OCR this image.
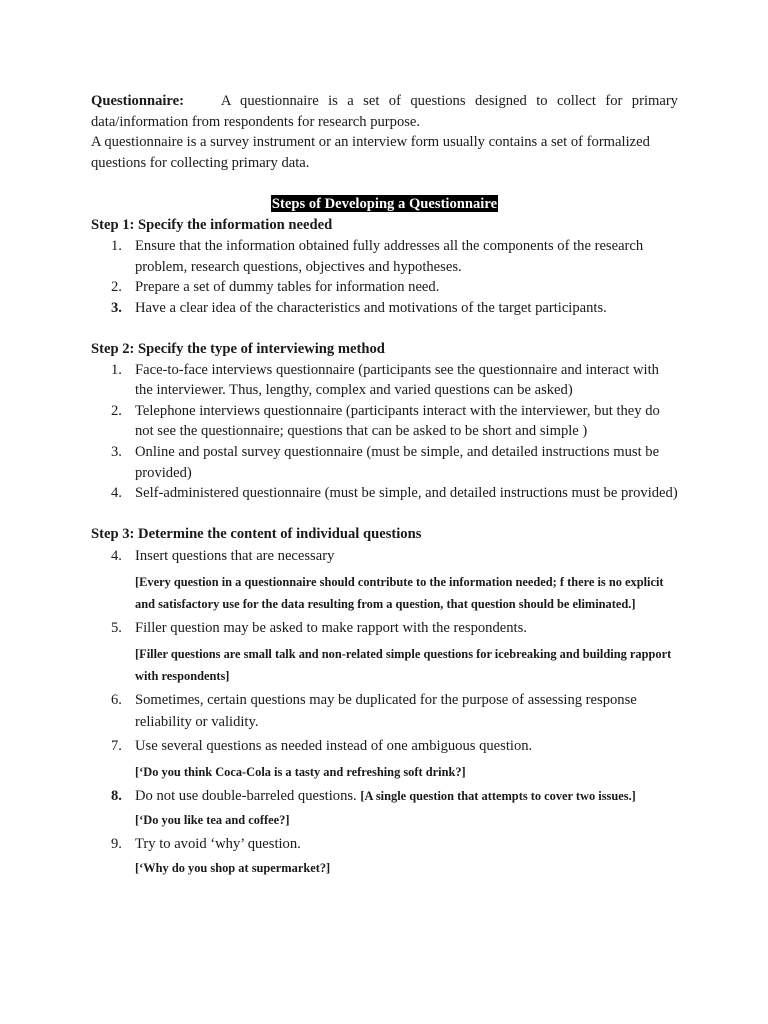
Questionnaire:	A questionnaire is a set of questions designed to collect for primary data/information from respondents for research purpose.
A questionnaire is a survey instrument or an interview form usually contains a set of formalized questions for collecting primary data.
Steps of Developing a Questionnaire
Step 1: Specify the information needed
1. Ensure that the information obtained fully addresses all the components of the research problem, research questions, objectives and hypotheses.
2. Prepare a set of dummy tables for information need.
3. Have a clear idea of the characteristics and motivations of the target participants.
Step 2: Specify the type of interviewing method
1. Face-to-face interviews questionnaire (participants see the questionnaire and interact with the interviewer. Thus, lengthy, complex and varied questions can be asked)
2. Telephone interviews questionnaire (participants interact with the interviewer, but they do not see the questionnaire; questions that can be asked to be short and simple )
3. Online and postal survey questionnaire (must be simple, and detailed instructions must be provided)
4. Self-administered questionnaire (must be simple, and detailed instructions must be provided)
Step 3: Determine the content of individual questions
4. Insert questions that are necessary
[Every question in a questionnaire should contribute to the information needed; f there is no explicit and satisfactory use for the data resulting from a question, that question should be eliminated.]
5. Filler question may be asked to make rapport with the respondents.
[Filler questions are small talk and non-related simple questions for icebreaking and building rapport with respondents]
6. Sometimes, certain questions may be duplicated for the purpose of assessing response reliability or validity.
7. Use several questions as needed instead of one ambiguous question.
[‘Do you think Coca-Cola is a tasty and refreshing soft drink?]
8. Do not use double-barreled questions. [A single question that attempts to cover two issues.]
[‘Do you like tea and coffee?]
9. Try to avoid ‘why’ question.
[‘Why do you shop at supermarket?]
